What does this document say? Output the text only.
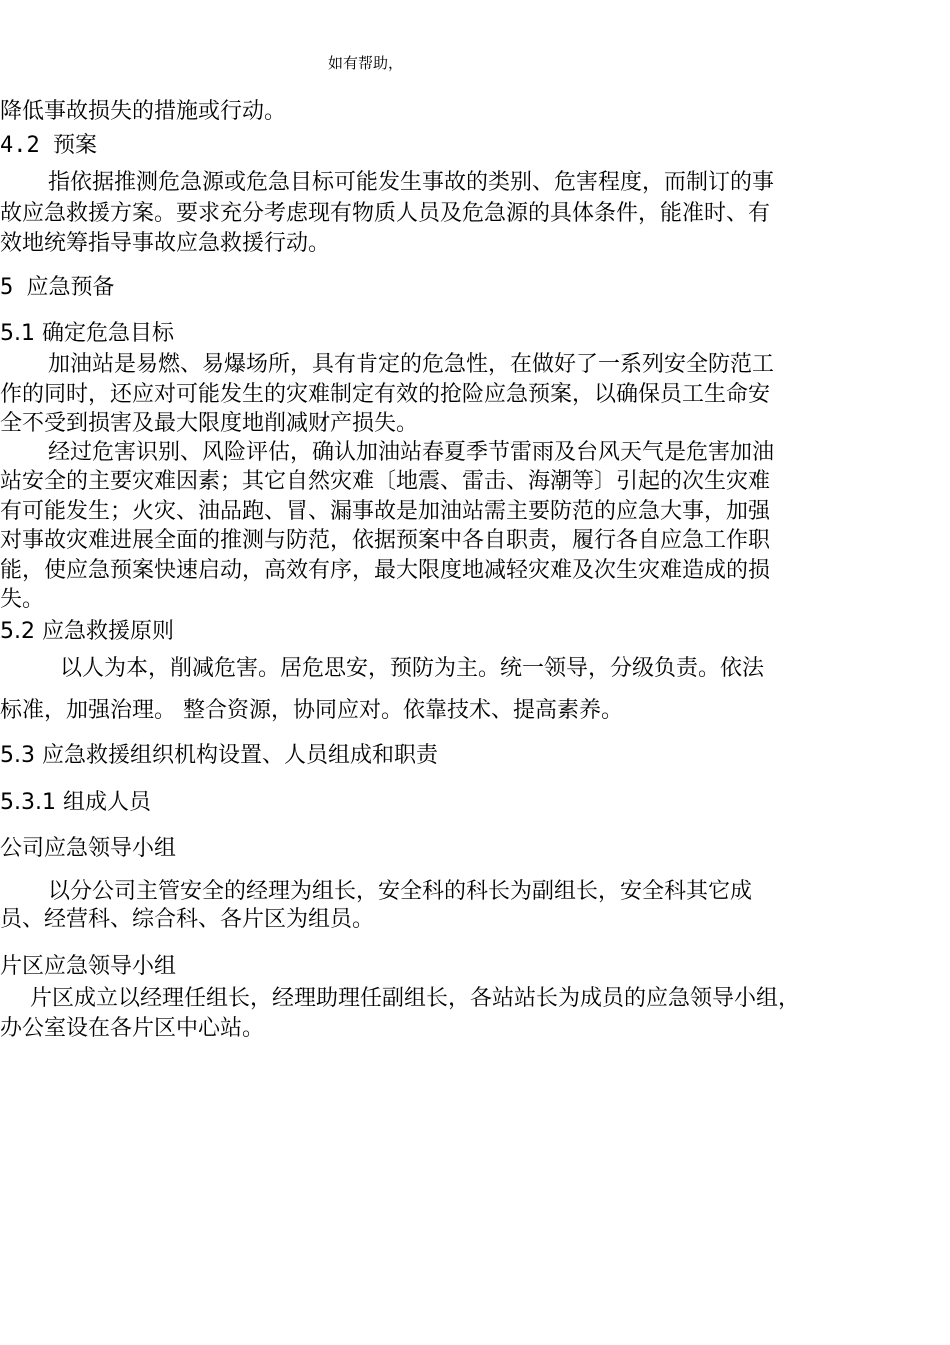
如有帮助，
降低事故损失的措施或行动。
4.2 预案
指依据推测危急源或危急目标可能发生事故的类别、危害程度，而制订的事
故应急救援方案。要求充分考虑现有物质人员及危急源的具体条件，能准时、有
效地统筹指导事故应急救援行动。
5 应急预备
5.1 确定危急目标
加油站是易燃、易爆场所，具有肯定的危急性，在做好了一系列安全防范工
作的同时，还应对可能发生的灾难制定有效的抢险应急预案，以确保员工生命安
全不受到损害及最大限度地削减财产损失。
经过危害识别、风险评估，确认加油站春夏季节雷雨及台风天气是危害加油
站安全的主要灾难因素；其它自然灾难〔地震、雷击、海潮等〕引起的次生灾难
有可能发生；火灾、油品跑、冒、漏事故是加油站需主要防范的应急大事，加强
对事故灾难进展全面的推测与防范，依据预案中各自职责，履行各自应急工作职
能，使应急预案快速启动，高效有序，最大限度地减轻灾难及次生灾难造成的损
失。
5.2 应急救援原则
以人为本，削减危害。居危思安，预防为主。统一领导，分级负责。依法
标准，加强治理。 整合资源，协同应对。依靠技术、提高素养。
5.3 应急救援组织机构设置、人员组成和职责
5.3.1 组成人员
公司应急领导小组
以分公司主管安全的经理为组长，安全科的科长为副组长，安全科其它成
员、经营科、综合科、各片区为组员。
片区应急领导小组
片区成立以经理任组长，经理助理任副组长，各站站长为成员的应急领导小组，
办公室设在各片区中心站。
